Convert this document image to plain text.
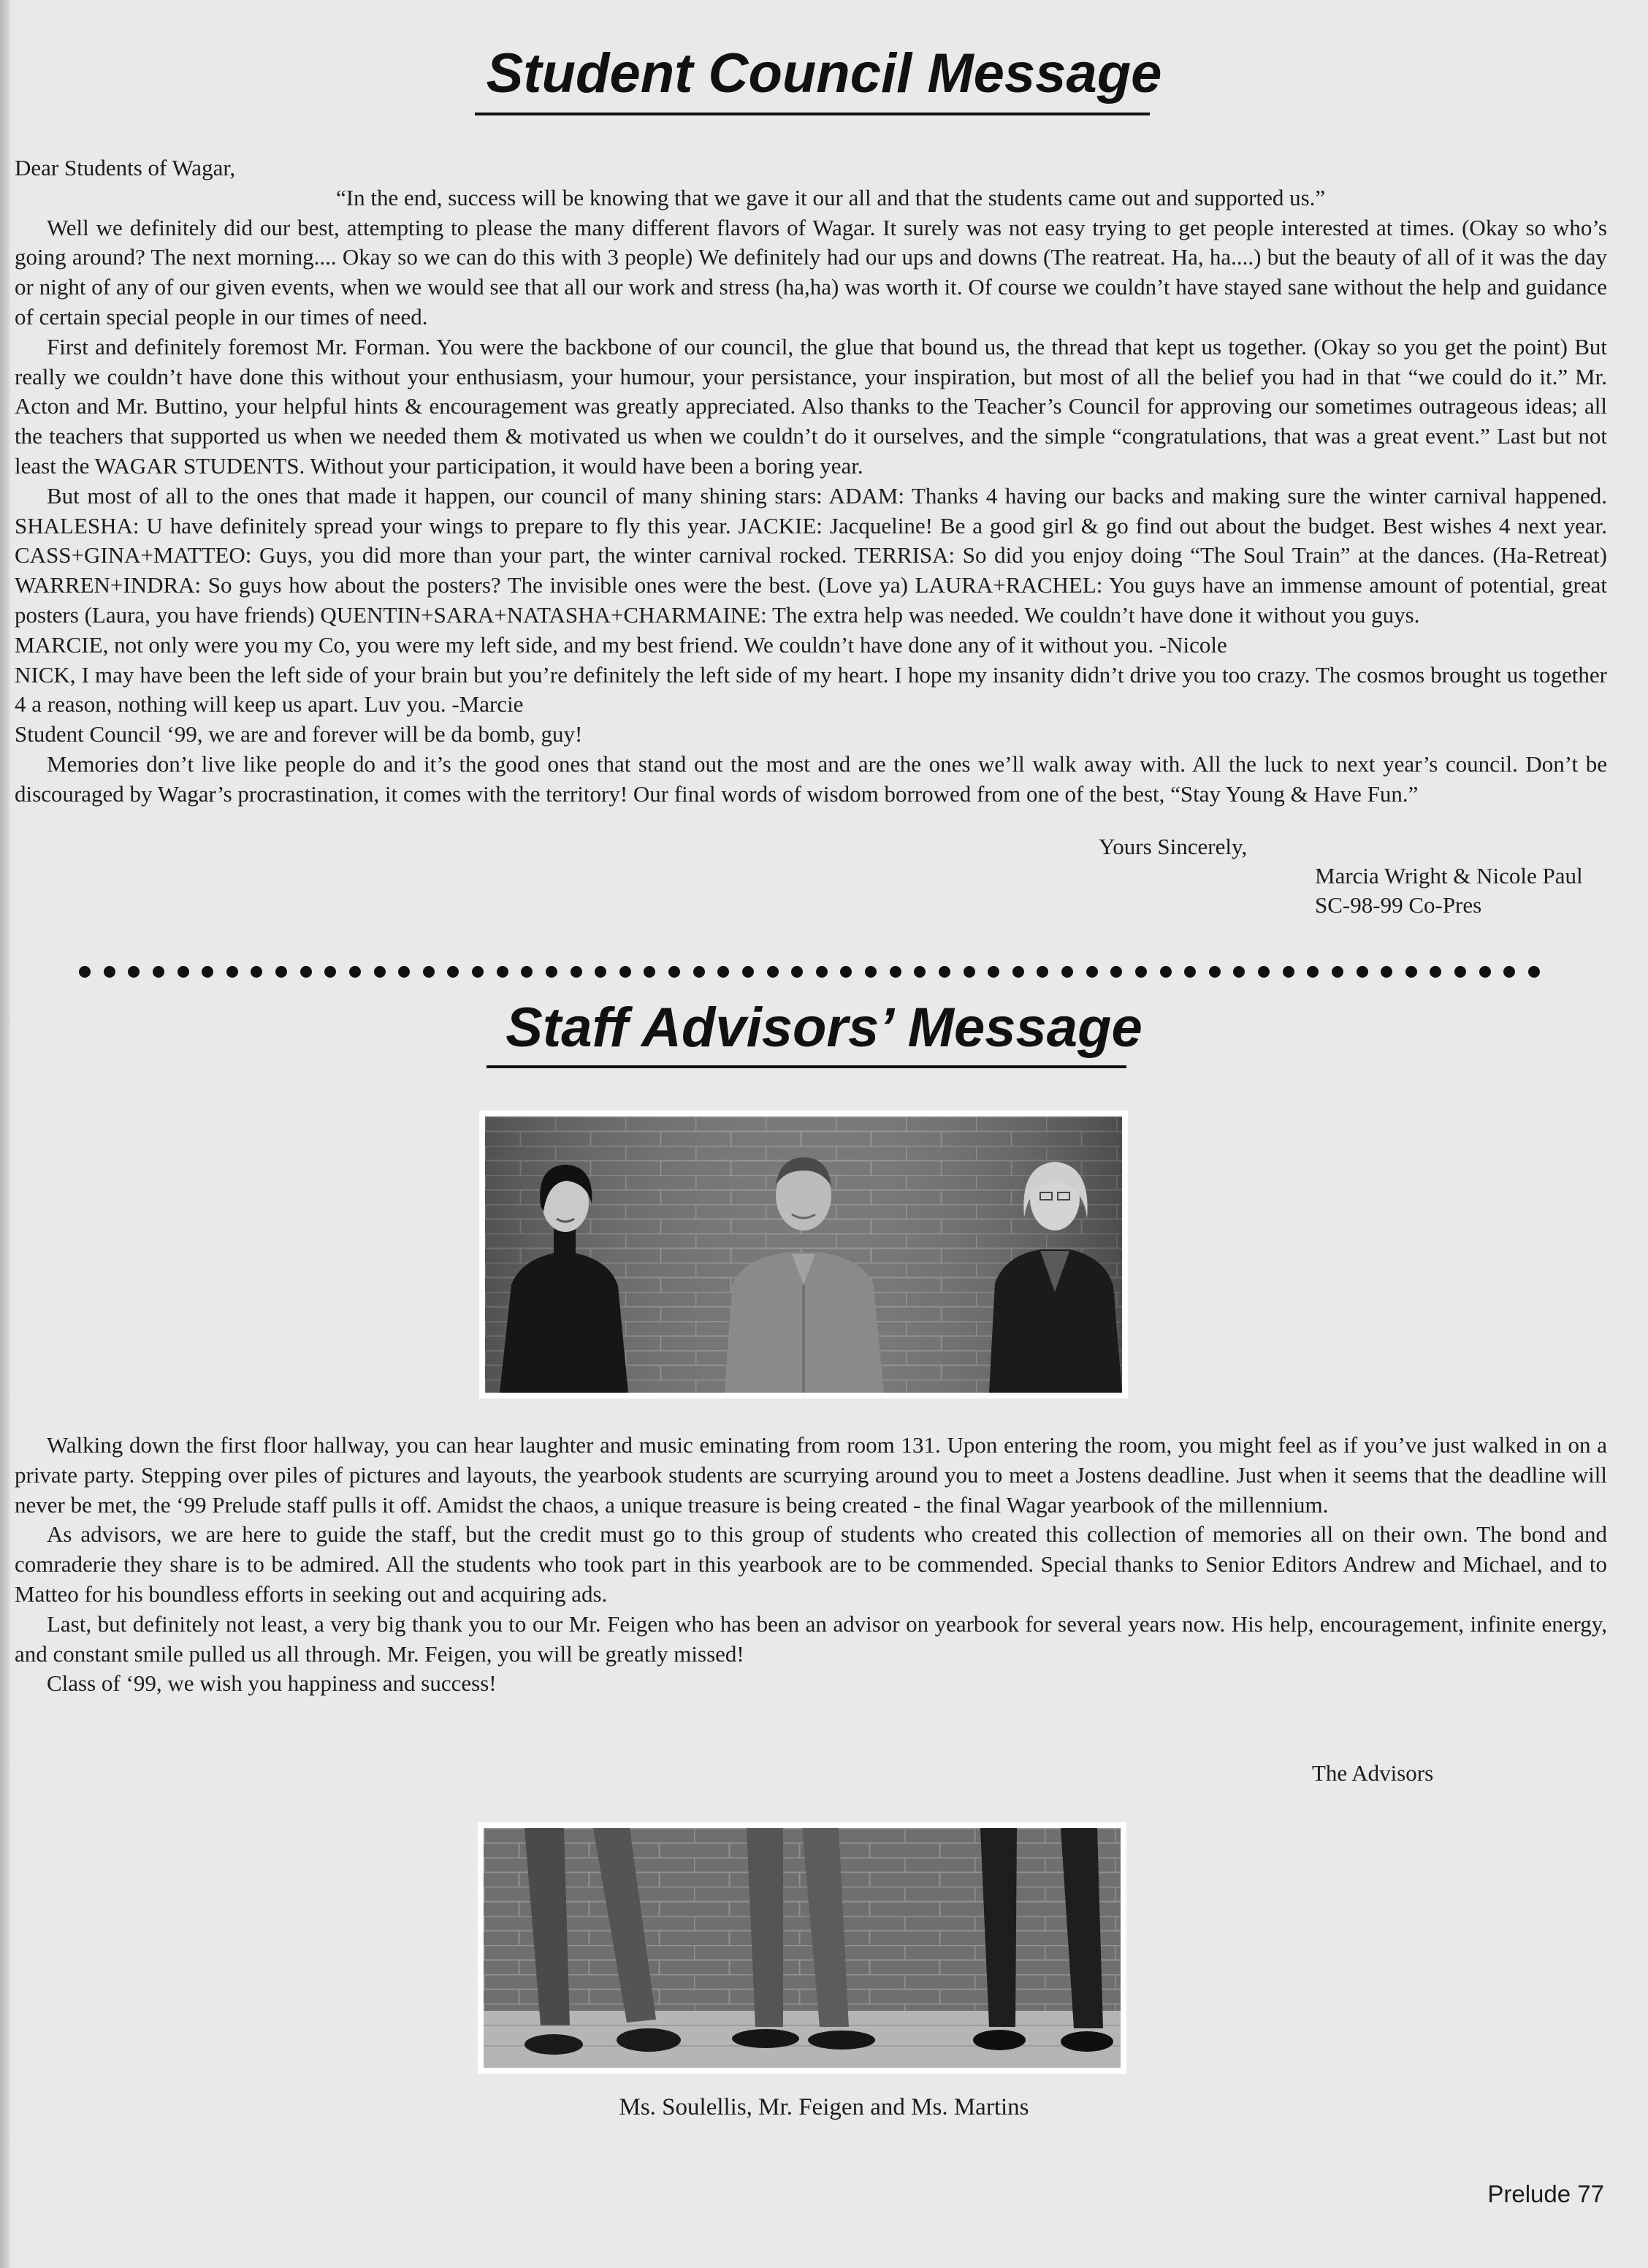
Student Council Message

Dear Students of Wagar,

“In the end, success will be knowing that we gave it our all and that the students came out and supported us.”

Well we definitely did our best, attempting to please the many different flavors of Wagar. It surely was not easy trying to get people interested at times. (Okay so who’s going around? The next morning.... Okay so we can do this with 3 people) We definitely had our ups and downs (The reatreat. Ha, ha....) but the beauty of all of it was the day or night of any of our given events, when we would see that all our work and stress (ha,ha) was worth it. Of course we couldn’t have stayed sane without the help and guidance of certain special people in our times of need.

First and definitely foremost Mr. Forman. You were the backbone of our council, the glue that bound us, the thread that kept us together. (Okay so you get the point) But really we couldn’t have done this without your enthusiasm, your humour, your persistance, your inspiration, but most of all the belief you had in that “we could do it.” Mr. Acton and Mr. Buttino, your helpful hints & encouragement was greatly appreciated. Also thanks to the Teacher’s Council for approving our sometimes outrageous ideas; all the teachers that supported us when we needed them & motivated us when we couldn’t do it ourselves, and the simple “congratulations, that was a great event.” Last but not least the WAGAR STUDENTS. Without your participation, it would have been a boring year.

But most of all to the ones that made it happen, our council of many shining stars: ADAM: Thanks 4 having our backs and making sure the winter carnival happened. SHALESHA: U have definitely spread your wings to prepare to fly this year. JACKIE: Jacqueline! Be a good girl & go find out about the budget. Best wishes 4 next year. CASS+GINA+MATTEO: Guys, you did more than your part, the winter carnival rocked. TERRISA: So did you enjoy doing “The Soul Train” at the dances. (Ha-Retreat) WARREN+INDRA: So guys how about the posters? The invisible ones were the best. (Love ya) LAURA+RACHEL: You guys have an immense amount of potential, great posters (Laura, you have friends) QUENTIN+SARA+NATASHA+CHARMAINE: The extra help was needed. We couldn’t have done it without you guys.

MARCIE, not only were you my Co, you were my left side, and my best friend. We couldn’t have done any of it without you. -Nicole

NICK, I may have been the left side of your brain but you’re definitely the left side of my heart. I hope my insanity didn’t drive you too crazy. The cosmos brought us together 4 a reason, nothing will keep us apart. Luv you. -Marcie

Student Council ‘99, we are and forever will be da bomb, guy!

Memories don’t live like people do and it’s the good ones that stand out the most and are the ones we’ll walk away with. All the luck to next year’s council. Don’t be discouraged by Wagar’s procrastination, it comes with the territory! Our final words of wisdom borrowed from one of the best, “Stay Young & Have Fun.”

Yours Sincerely,
Marcia Wright & Nicole Paul
SC-98-99 Co-Pres
Staff Advisors’ Message

Walking down the first floor hallway, you can hear laughter and music eminating from room 131. Upon entering the room, you might feel as if you’ve just walked in on a private party. Stepping over piles of pictures and layouts, the yearbook students are scurrying around you to meet a Jostens deadline. Just when it seems that the deadline will never be met, the ‘99 Prelude staff pulls it off. Amidst the chaos, a unique treasure is being created - the final Wagar yearbook of the millennium.

As advisors, we are here to guide the staff, but the credit must go to this group of students who created this collection of memories all on their own. The bond and comraderie they share is to be admired. All the students who took part in this yearbook are to be commended. Special thanks to Senior Editors Andrew and Michael, and to Matteo for his boundless efforts in seeking out and acquiring ads.

Last, but definitely not least, a very big thank you to our Mr. Feigen who has been an advisor on yearbook for several years now. His help, encouragement, infinite energy, and constant smile pulled us all through. Mr. Feigen, you will be greatly missed!

Class of ‘99, we wish you happiness and success!

The Advisors
Ms. Soulellis, Mr. Feigen and Ms. Martins
Prelude 77
